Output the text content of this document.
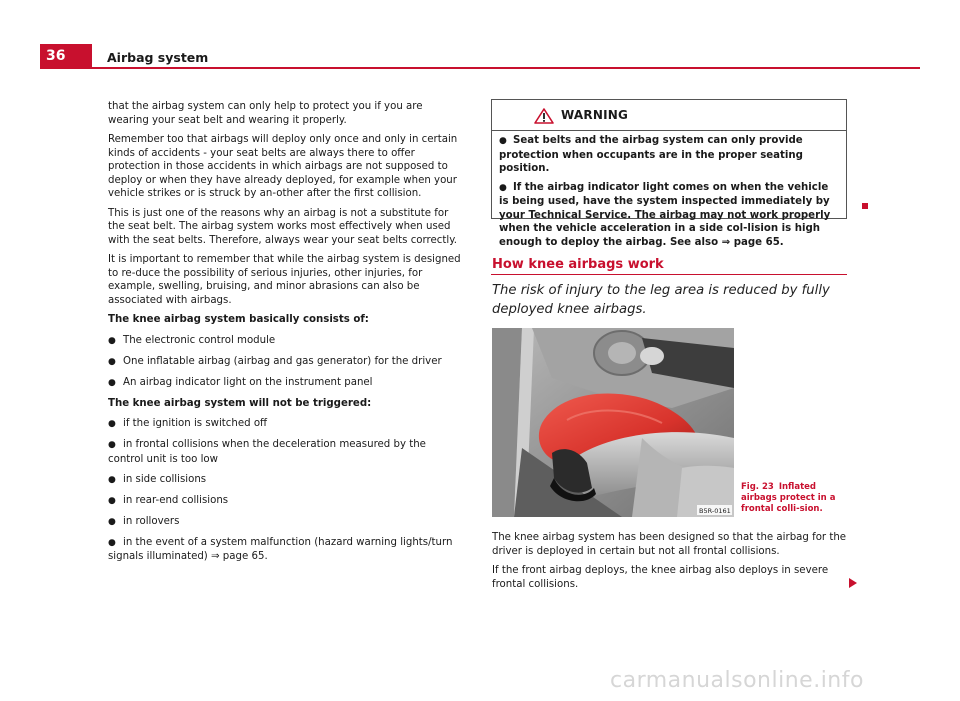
36	Airbag system

that the airbag system can only help to protect you if you are wearing your seat belt and wearing it properly.

Remember too that airbags will deploy only once and only in certain kinds of accidents - your seat belts are always there to offer protection in those accidents in which airbags are not supposed to deploy or when they have already deployed, for example when your vehicle strikes or is struck by an-other after the first collision.

This is just one of the reasons why an airbag is not a substitute for the seat belt. The airbag system works most effectively when used with the seat belts. Therefore, always wear your seat belts correctly.

It is important to remember that while the airbag system is designed to re-duce the possibility of serious injuries, other injuries, for example, swelling, bruising, and minor abrasions can also be associated with airbags.

The knee airbag system basically consists of:

● The electronic control module
● One inflatable airbag (airbag and gas generator) for the driver
● An airbag indicator light on the instrument panel

The knee airbag system will not be triggered:

● if the ignition is switched off
● in frontal collisions when the deceleration measured by the control unit is too low
● in side collisions
● in rear-end collisions
● in rollovers
● in the event of a system malfunction (hazard warning lights/turn signals illuminated) ⇒ page 65.
WARNING

● Seat belts and the airbag system can only provide protection when occupants are in the proper seating position.

● If the airbag indicator light comes on when the vehicle is being used, have the system inspected immediately by your Technical Service. The airbag may not work properly when the vehicle acceleration in a side col-lision is high enough to deploy the airbag. See also ⇒ page 65.

How knee airbags work
The risk of injury to the leg area is reduced by fully deployed knee airbags.
B5R-0161
Fig. 23 Inflated airbags protect in a frontal colli-sion.

The knee airbag system has been designed so that the airbag for the driver is deployed in certain but not all frontal collisions.

If the front airbag deploys, the knee airbag also deploys in severe frontal collisions.

carmanualsonline.info
